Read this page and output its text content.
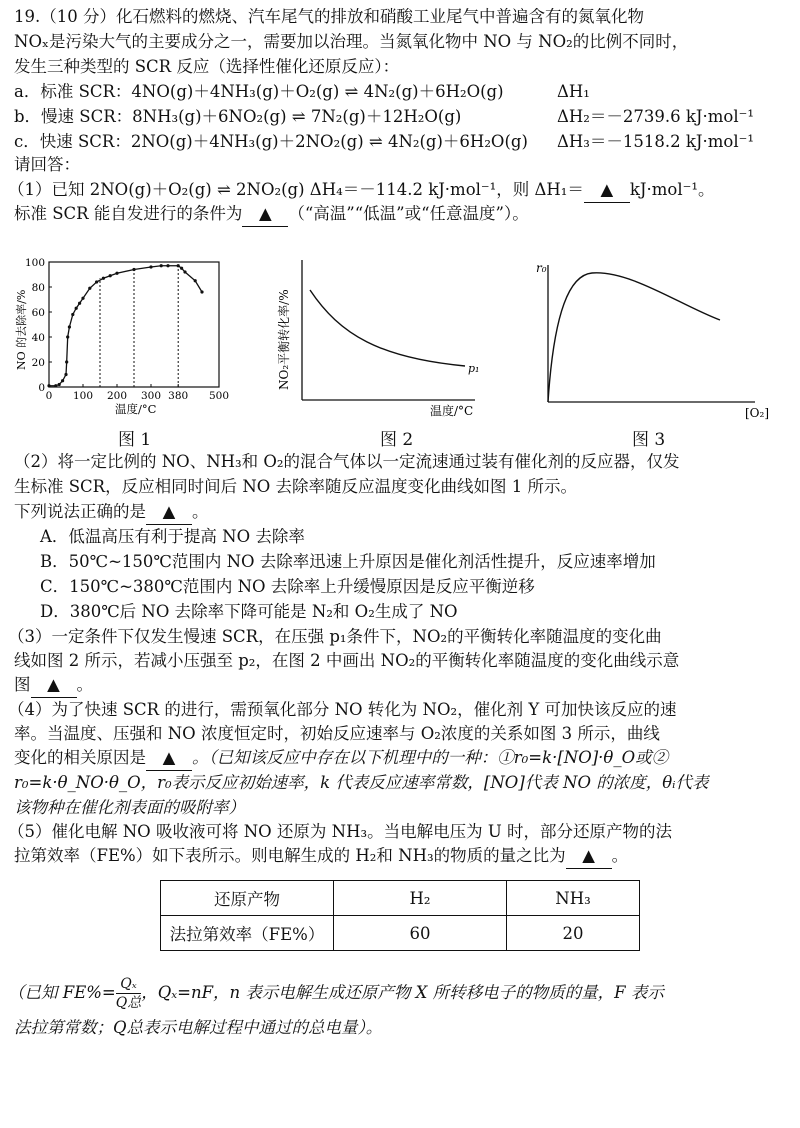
19.（10 分）化石燃料的燃烧、汽车尾气的排放和硝酸工业尾气中普遍含有的氮氧化物
NOₓ是污染大气的主要成分之一，需要加以治理。当氮氧化物中 NO 与 NO₂的比例不同时，
发生三种类型的 SCR 反应（选择性催化还原反应）：
a．标准 SCR：4NO(g)＋4NH₃(g)＋O₂(g) ⇌ 4N₂(g)＋6H₂O(g)	ΔH₁
b．慢速 SCR：8NH₃(g)＋6NO₂(g) ⇌ 7N₂(g)＋12H₂O(g)	ΔH₂＝－2739.6 kJ·mol⁻¹
c．快速 SCR：2NO(g)＋4NH₃(g)＋2NO₂(g) ⇌ 4N₂(g)＋6H₂O(g) ΔH₃＝－1518.2 kJ·mol⁻¹
请回答：
（1）已知 2NO(g)＋O₂(g) ⇌ 2NO₂(g) ΔH₄＝－114.2 kJ·mol⁻¹，则 ΔH₁＝ ▲ kJ·mol⁻¹。
标准 SCR 能自发进行的条件为 ▲ （“高温”“低温”或“任意温度”）。
0
20
40
60
80
100
0 100 200 300 380 500
NO 的去除率/%
温度/°C
图 1
p₁
NO₂平衡转化率/%
温度/°C
图 2
r₀
[O₂]
图 3
（2）将一定比例的 NO、NH₃和 O₂的混合气体以一定流速通过装有催化剂的反应器，仅发
生标准 SCR，反应相同时间后 NO 去除率随反应温度变化曲线如图 1 所示。
下列说法正确的是 ▲ 。
A．低温高压有利于提高 NO 去除率
B．50℃~150℃范围内 NO 去除率迅速上升原因是催化剂活性提升，反应速率增加
C．150℃~380℃范围内 NO 去除率上升缓慢原因是反应平衡逆移
D．380℃后 NO 去除率下降可能是 N₂和 O₂生成了 NO
（3）一定条件下仅发生慢速 SCR，在压强 p₁条件下，NO₂的平衡转化率随温度的变化曲
线如图 2 所示，若减小压强至 p₂，在图 2 中画出 NO₂的平衡转化率随温度的变化曲线示意
图 ▲ 。
（4）为了快速 SCR 的进行，需预氧化部分 NO 转化为 NO₂，催化剂 Y 可加快该反应的速
率。当温度、压强和 NO 浓度恒定时，初始反应速率与 O₂浓度的关系如图 3 所示，曲线
变化的相关原因是 ▲ 。（已知该反应中存在以下机理中的一种：①r₀=k·[NO]·θ_O或②
r₀=k·θ_NO·θ_O，r₀表示反应初始速率，k 代表反应速率常数，[NO]代表 NO 的浓度，θᵢ代表
该物种在催化剂表面的吸附率）
（5）催化电解 NO 吸收液可将 NO 还原为 NH₃。当电解电压为 U 时，部分还原产物的法
拉第效率（FE%）如下表所示。则电解生成的 H₂和 NH₃的物质的量之比为 ▲ 。
还原产物	H₂	NH₃
法拉第效率（FE%）	60	20
（已知 FE%= Qₓ
Q总
，Qₓ=nF，n 表示电解生成还原产物 X 所转移电子的物质的量，F 表示
法拉第常数；Q总表示电解过程中通过的总电量）。
